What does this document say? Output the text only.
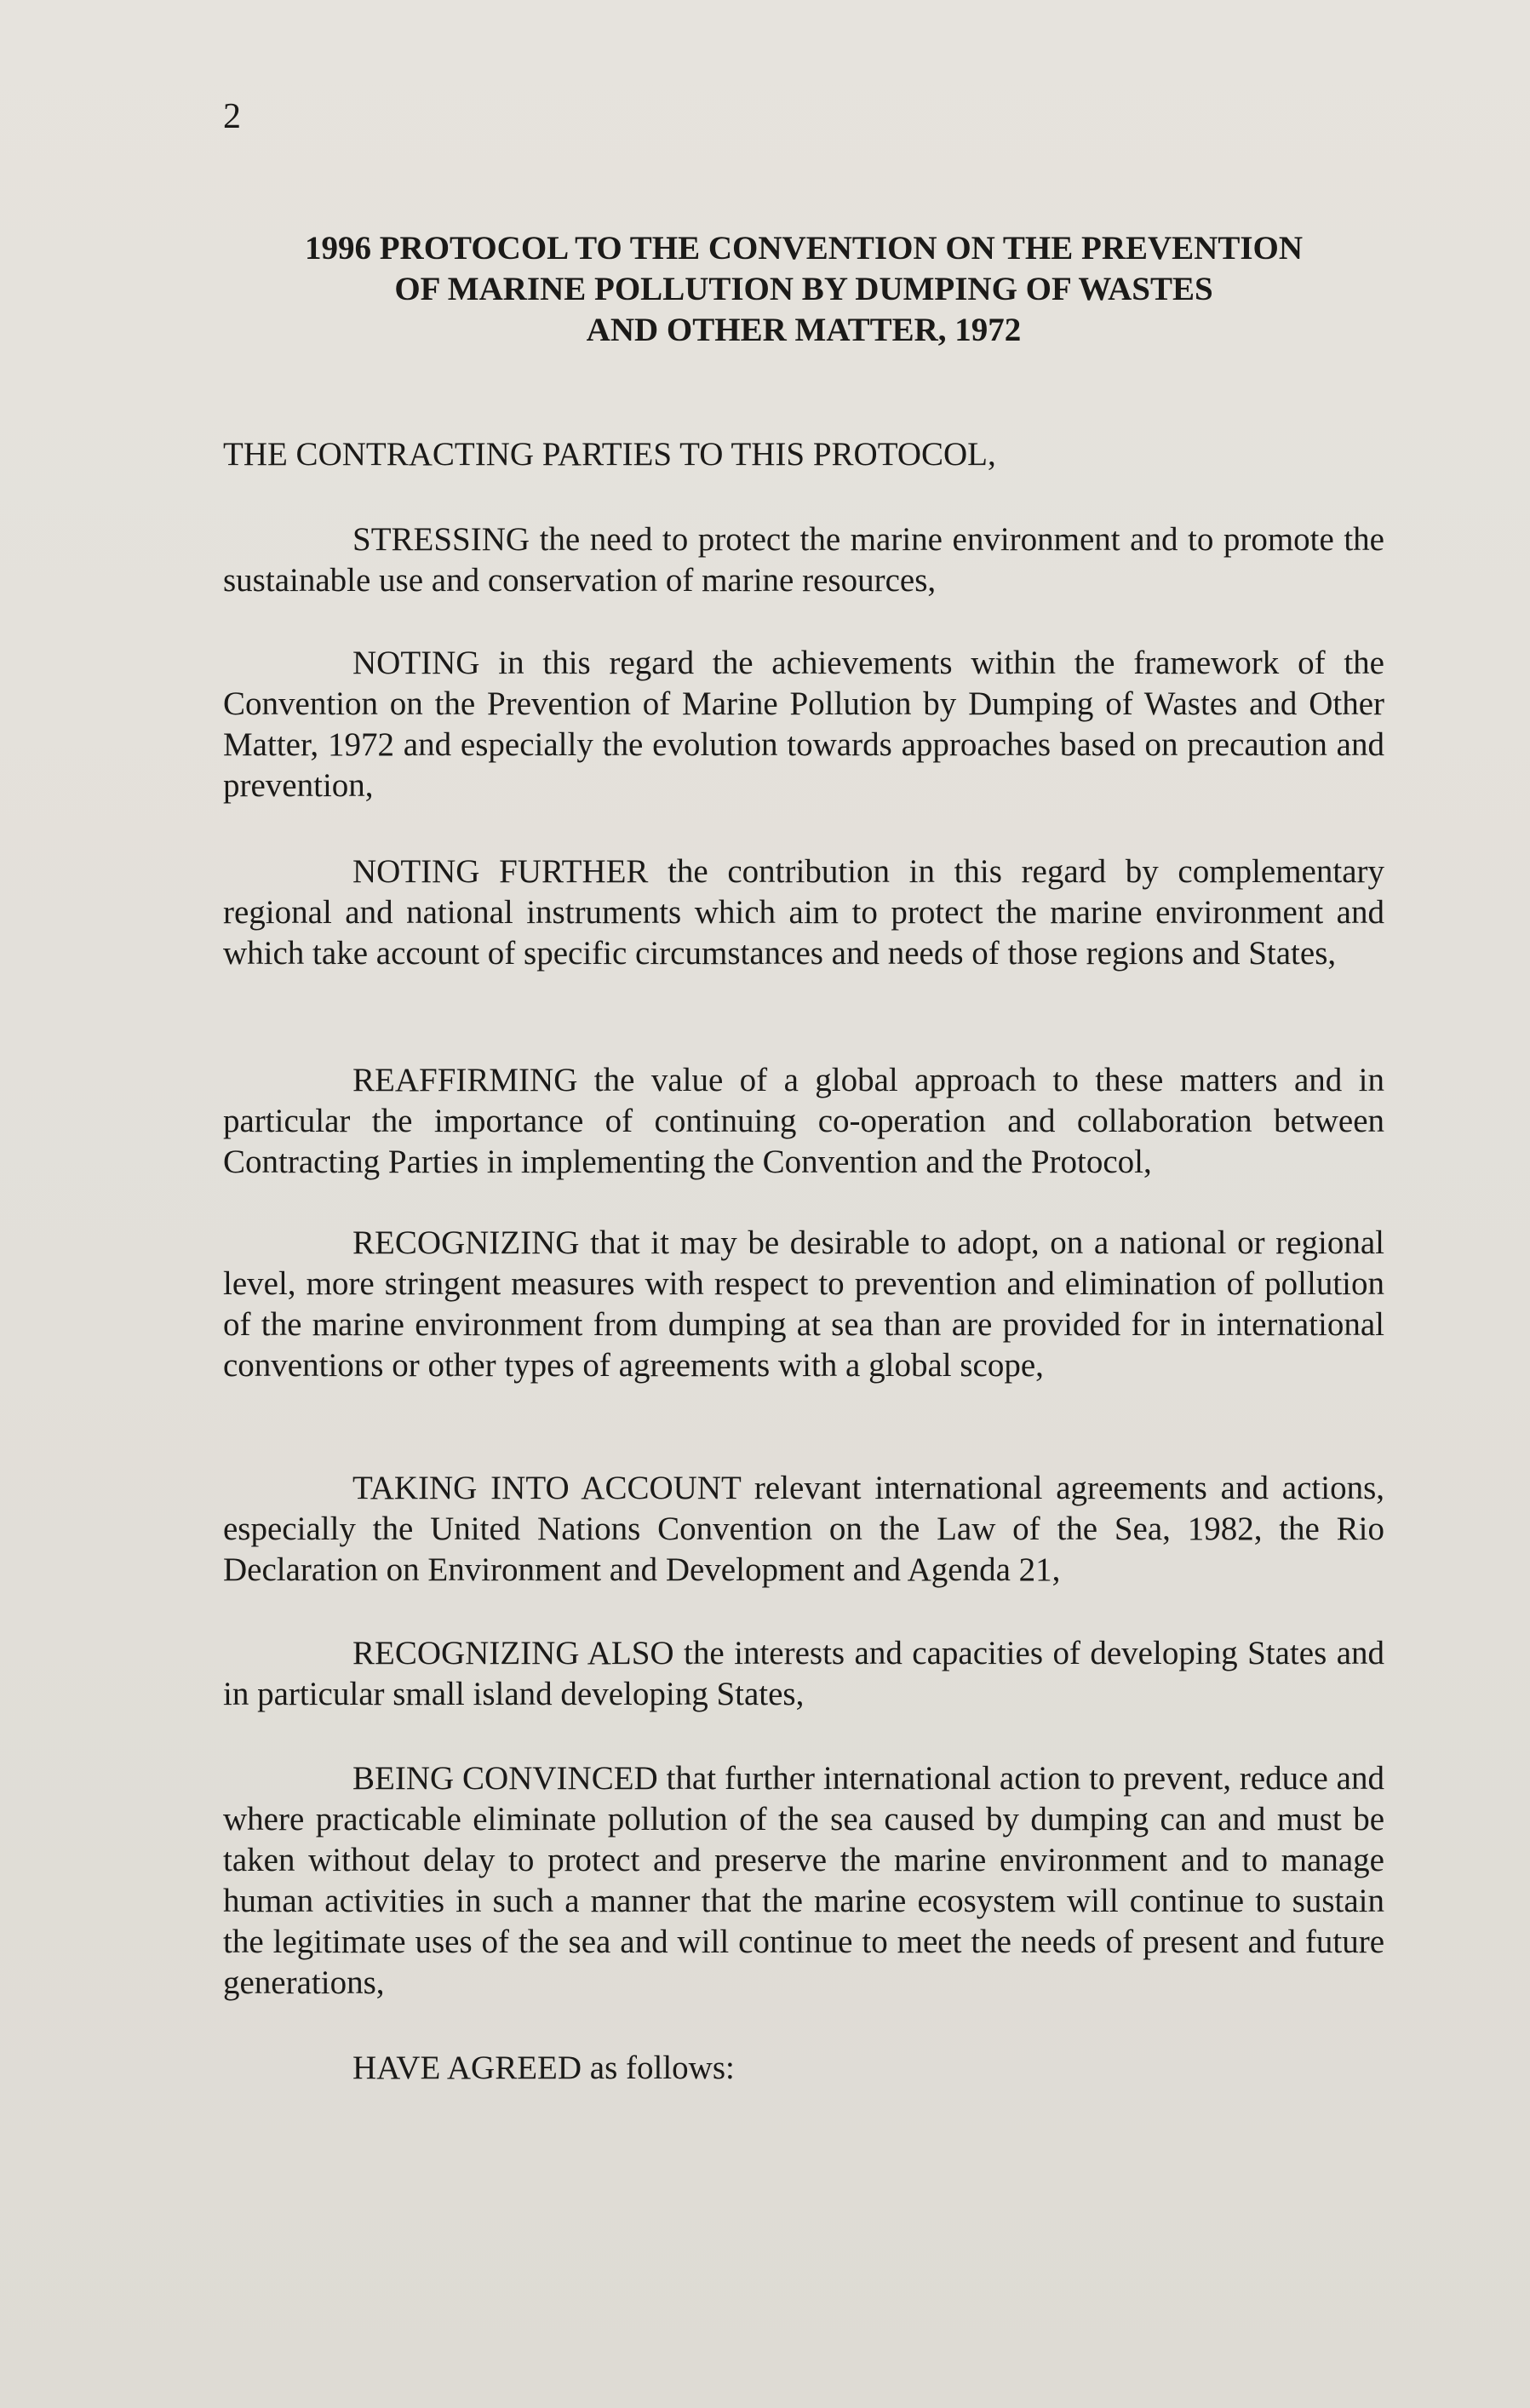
2
1996 PROTOCOL TO THE CONVENTION ON THE PREVENTION
OF MARINE POLLUTION BY DUMPING OF WASTES
AND OTHER MATTER, 1972
THE CONTRACTING PARTIES TO THIS PROTOCOL,
STRESSING the need to protect the marine environment and to promote the sustainable use and conservation of marine resources,
NOTING in this regard the achievements within the framework of the Convention on the Prevention of Marine Pollution by Dumping of Wastes and Other Matter, 1972 and especially the evolution towards approaches based on precaution and prevention,
NOTING FURTHER the contribution in this regard by complementary regional and national instruments which aim to protect the marine environment and which take account of specific circumstances and needs of those regions and States,
REAFFIRMING the value of a global approach to these matters and in particular the importance of continuing co-operation and collaboration between Contracting Parties in implementing the Convention and the Protocol,
RECOGNIZING that it may be desirable to adopt, on a national or regional level, more stringent measures with respect to prevention and elimination of pollution of the marine environment from dumping at sea than are provided for in international conventions or other types of agreements with a global scope,
TAKING INTO ACCOUNT relevant international agreements and actions, especially the United Nations Convention on the Law of the Sea, 1982, the Rio Declaration on Environment and Development and Agenda 21,
RECOGNIZING ALSO the interests and capacities of developing States and in particular small island developing States,
BEING CONVINCED that further international action to prevent, reduce and where practicable eliminate pollution of the sea caused by dumping can and must be taken without delay to protect and preserve the marine environment and to manage human activities in such a manner that the marine ecosystem will continue to sustain the legitimate uses of the sea and will continue to meet the needs of present and future generations,
HAVE AGREED as follows:
